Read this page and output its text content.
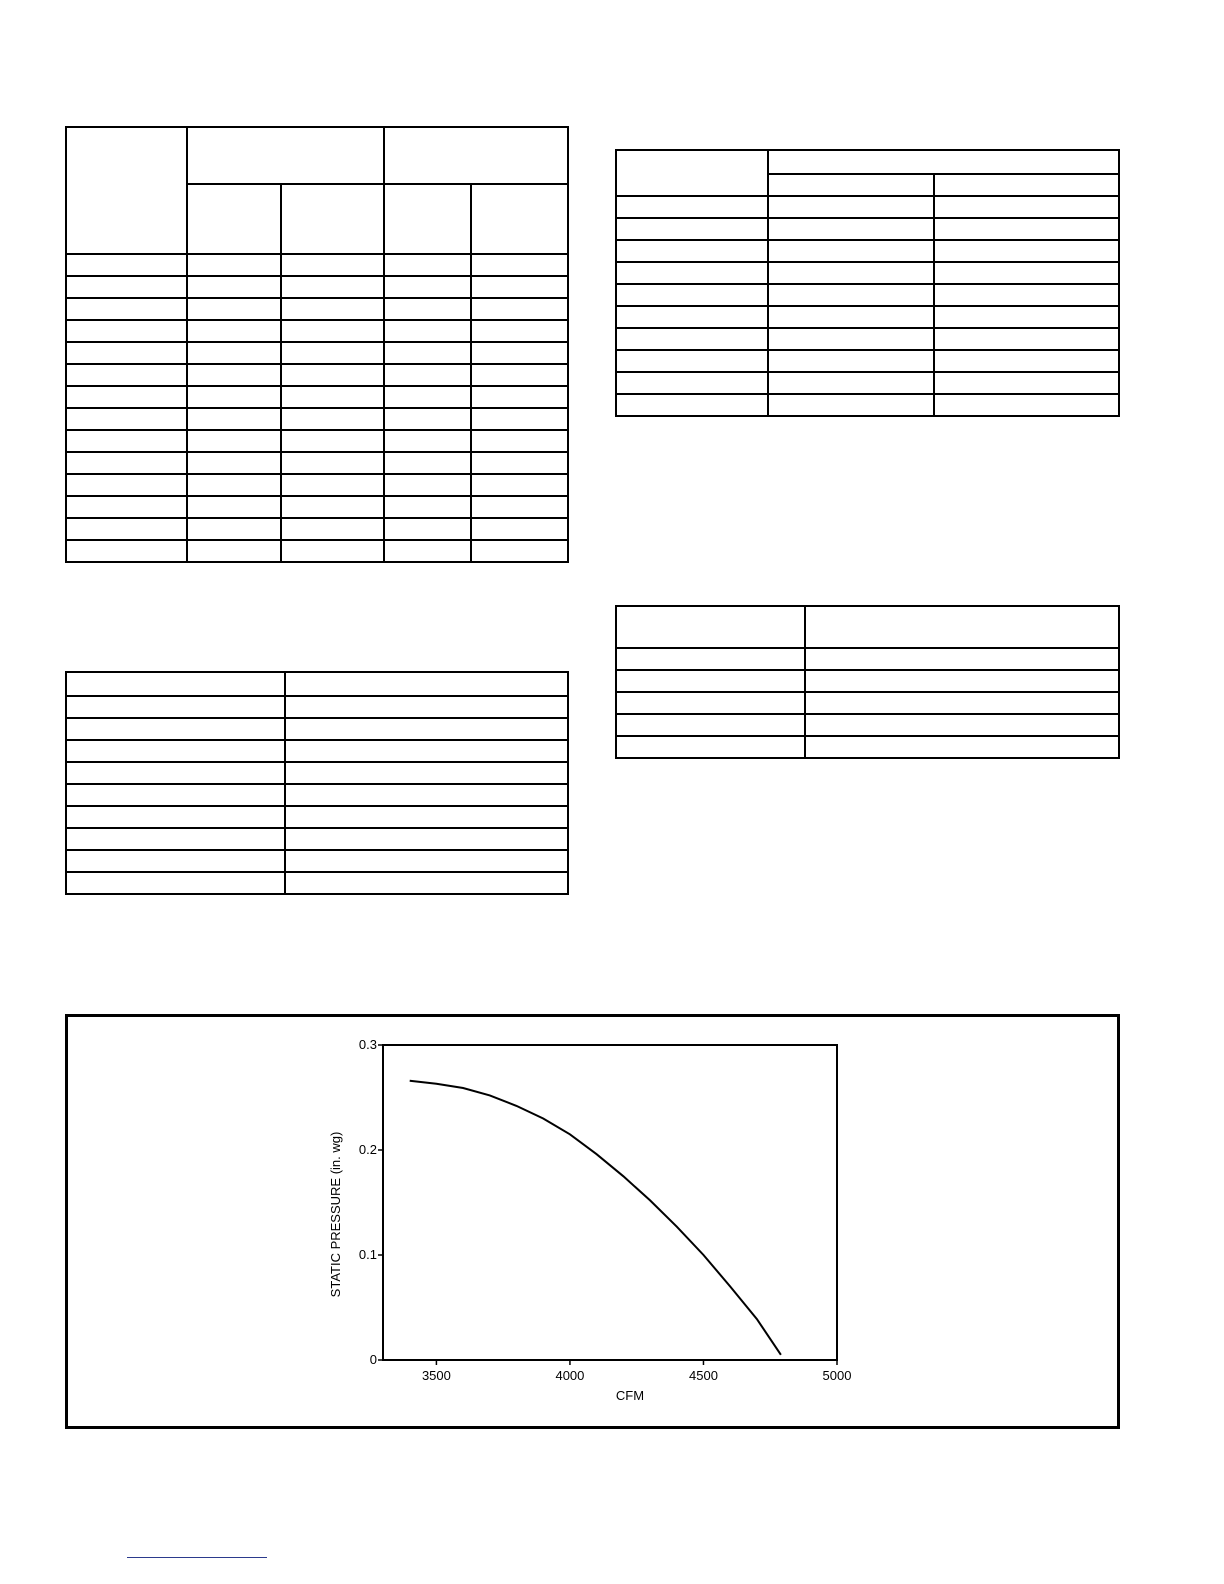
0
0.1
0.2
0.3
3500	4000	4500	5000
CFM
STATIC PRESSURE (in. wg)
